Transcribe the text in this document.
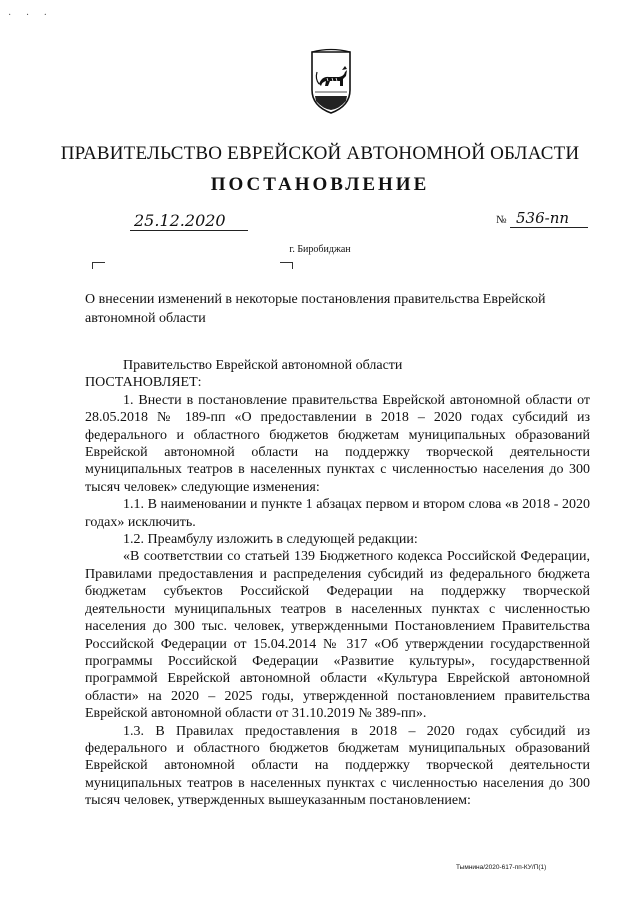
· · ·
ПРАВИТЕЛЬСТВО ЕВРЕЙСКОЙ АВТОНОМНОЙ ОБЛАСТИ
ПОСТАНОВЛЕНИЕ
25.12.2020	№ 536-пп
г. Биробиджан
О внесении изменений в некоторые постановления правительства Еврейской автономной области

Правительство Еврейской автономной области

ПОСТАНОВЛЯЕТ:

1. Внести в постановление правительства Еврейской автономной области от 28.05.2018 № 189-пп «О предоставлении в 2018 – 2020 годах субсидий из федерального и областного бюджетов бюджетам муниципальных образований Еврейской автономной области на поддержку творческой деятельности муниципальных театров в населенных пунктах с численностью населения до 300 тысяч человек» следующие изменения:

1.1. В наименовании и пункте 1 абзацах первом и втором слова «в 2018 - 2020 годах» исключить.

1.2. Преамбулу изложить в следующей редакции:

«В соответствии со статьей 139 Бюджетного кодекса Российской Федерации, Правилами предоставления и распределения субсидий из федерального бюджета бюджетам субъектов Российской Федерации на поддержку творческой деятельности муниципальных театров в населенных пунктах с численностью населения до 300 тыс. человек, утвержденными Постановлением Правительства Российской Федерации от 15.04.2014 № 317 «Об утверждении государственной программы Российской Федерации «Развитие культуры», государственной программой Еврейской автономной области «Культура Еврейской автономной области» на 2020 – 2025 годы, утвержденной постановлением правительства Еврейской автономной области от 31.10.2019 № 389-пп».

1.3. В Правилах предоставления в 2018 – 2020 годах субсидий из федерального и областного бюджетов бюджетам муниципальных образований Еврейской автономной области на поддержку творческой деятельности муниципальных театров в населенных пунктах с численностью населения до 300 тысяч человек, утвержденных вышеуказанным постановлением:

Тымнина/2020-617-пп-КУ/П(1)
